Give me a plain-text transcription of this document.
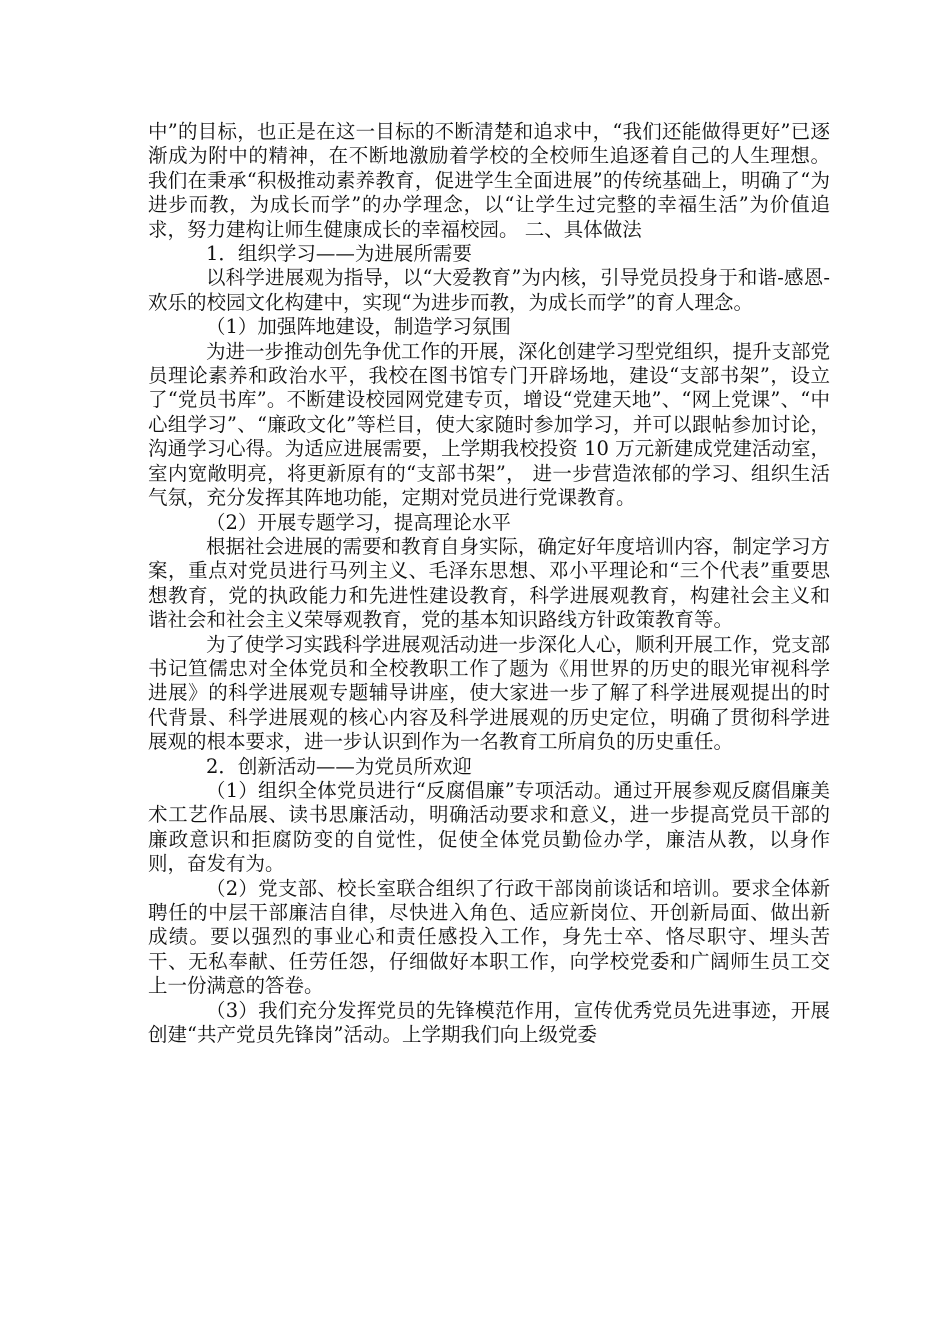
中”的目标，也正是在这一目标的不断清楚和追求中，“我们还能做得更好”已逐渐成为附中的精神，在不断地激励着学校的全校师生追逐着自己的人生理想。我们在秉承“积极推动素养教育，促进学生全面进展”的传统基础上，明确了“为进步而教，为成长而学”的办学理念，以“让学生过完整的幸福生活”为价值追求，努力建构让师生健康成长的幸福校园。 二、具体做法

1．组织学习——为进展所需要

以科学进展观为指导，以“大爱教育”为内核，引导党员投身于和谐-感恩-欢乐的校园文化构建中，实现“为进步而教，为成长而学”的育人理念。

（1）加强阵地建设，制造学习氛围

为进一步推动创先争优工作的开展，深化创建学习型党组织，提升支部党员理论素养和政治水平，我校在图书馆专门开辟场地，建设“支部书架”，设立了“党员书库”。不断建设校园网党建专页，增设“党建天地”、“网上党课”、“中心组学习”、“廉政文化”等栏目，使大家随时参加学习，并可以跟帖参加讨论，沟通学习心得。为适应进展需要，上学期我校投资 10 万元新建成党建活动室，室内宽敞明亮，将更新原有的“支部书架”， 进一步营造浓郁的学习、组织生活气氛，充分发挥其阵地功能，定期对党员进行党课教育。

（2）开展专题学习，提高理论水平

根据社会进展的需要和教育自身实际，确定好年度培训内容，制定学习方案，重点对党员进行马列主义、毛泽东思想、邓小平理论和“三个代表”重要思想教育，党的执政能力和先进性建设教育，科学进展观教育，构建社会主义和谐社会和社会主义荣辱观教育，党的基本知识路线方针政策教育等。

为了使学习实践科学进展观活动进一步深化人心，顺利开展工作，党支部书记笪儒忠对全体党员和全校教职工作了题为《用世界的历史的眼光审视科学进展》的科学进展观专题辅导讲座，使大家进一步了解了科学进展观提出的时代背景、科学进展观的核心内容及科学进展观的历史定位，明确了贯彻科学进展观的根本要求，进一步认识到作为一名教育工所肩负的历史重任。

2．创新活动——为党员所欢迎

（1）组织全体党员进行“反腐倡廉”专项活动。通过开展参观反腐倡廉美术工艺作品展、读书思廉活动，明确活动要求和意义，进一步提高党员干部的廉政意识和拒腐防变的自觉性，促使全体党员勤俭办学，廉洁从教，以身作则，奋发有为。

（2）党支部、校长室联合组织了行政干部岗前谈话和培训。要求全体新聘任的中层干部廉洁自律，尽快进入角色、适应新岗位、开创新局面、做出新成绩。要以强烈的事业心和责任感投入工作，身先士卒、恪尽职守、埋头苦干、无私奉献、任劳任怨，仔细做好本职工作，向学校党委和广阔师生员工交上一份满意的答卷。

（3）我们充分发挥党员的先锋模范作用，宣传优秀党员先进事迹，开展创建“共产党员先锋岗”活动。上学期我们向上级党委
